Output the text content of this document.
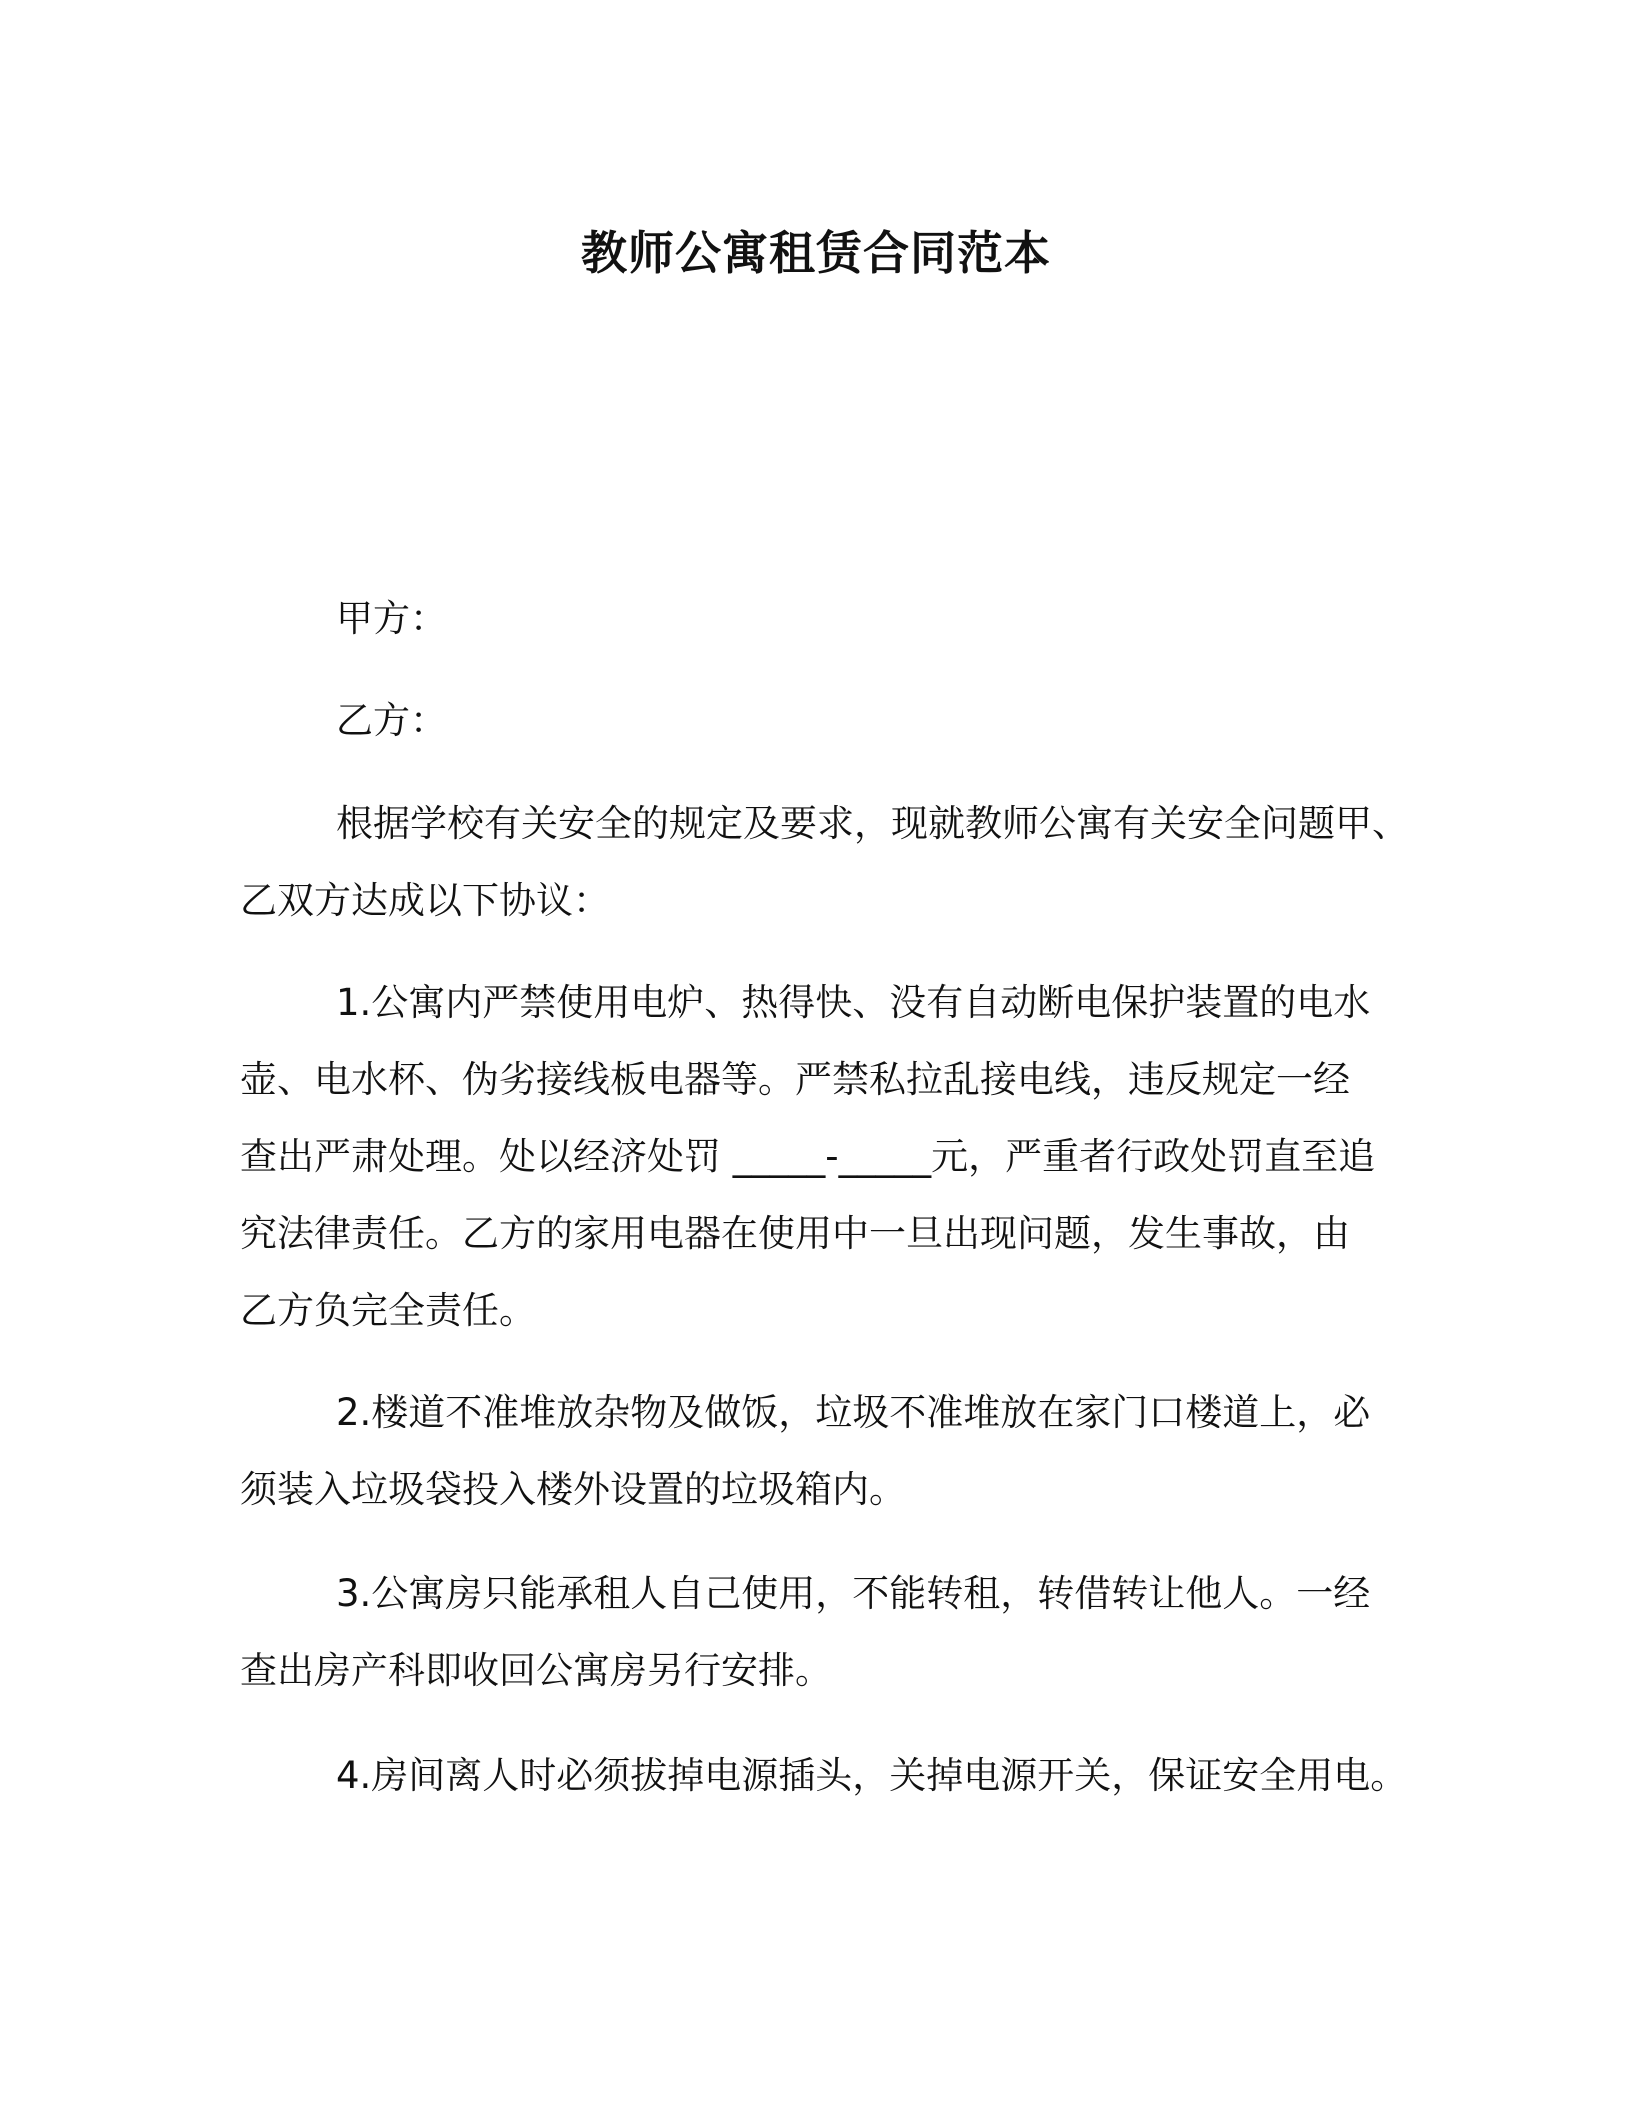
教师公寓租赁合同范本
甲方：
乙方：
根据学校有关安全的规定及要求，现就教师公寓有关安全问题甲、
乙双方达成以下协议：
1.公寓内严禁使用电炉、热得快、没有自动断电保护装置的电水
壶、电水杯、伪劣接线板电器等。严禁私拉乱接电线，违反规定一经
查出严肃处理。处以经济处罚 _____-_____元，严重者行政处罚直至追
究法律责任。乙方的家用电器在使用中一旦出现问题，发生事故，由
乙方负完全责任。
2.楼道不准堆放杂物及做饭，垃圾不准堆放在家门口楼道上，必
须装入垃圾袋投入楼外设置的垃圾箱内。
3.公寓房只能承租人自己使用，不能转租，转借转让他人。一经
查出房产科即收回公寓房另行安排。
4.房间离人时必须拔掉电源插头，关掉电源开关，保证安全用电。
